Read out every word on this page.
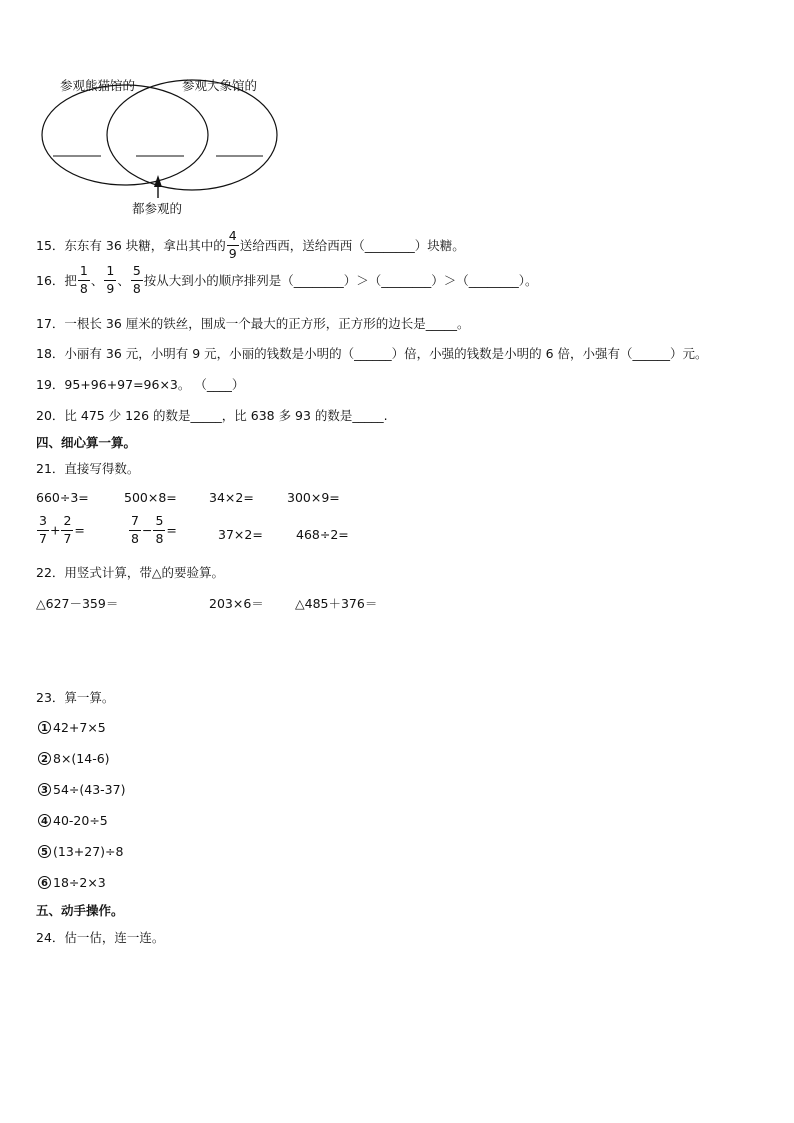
参观熊猫馆的	参观大象馆的
都参观的
15．东东有 36 块糖，拿出其中的 $\frac{4}{9}$ 送给西西，送给西西（________）块糖。
16．把 $\frac{1}{8}$ 、 $\frac{1}{9}$ 、 $\frac{5}{8}$ 按从大到小的顺序排列是（________）＞（________）＞（________）。
17．一根长 36 厘米的铁丝，围成一个最大的正方形，正方形的边长是_____。
18．小丽有 36 元，小明有 9 元，小丽的钱数是小明的（______）倍，小强的钱数是小明的 6 倍，小强有（______）元。
19．95+96+97=96×3。 （____）
20．比 475 少 126 的数是_____，比 638 多 93 的数是_____.
四、细心算一算。
21．直接写得数。
660÷3=	500×8=	34×2=	300×9=
$\frac{3}{7} + \frac{2}{7}$ =	$\frac{7}{8} - \frac{5}{8}$ =	37×2=	468÷2=
22．用竖式计算，带△的要验算。
△627－359＝	203×6＝ △485＋376＝
23．算一算。
1 42+7×5
2 8×(14-6)
3 54÷(43-37)
4 40-20÷5
5 (13+27)÷8
6 18÷2×3
五、动手操作。
24．估一估，连一连。
